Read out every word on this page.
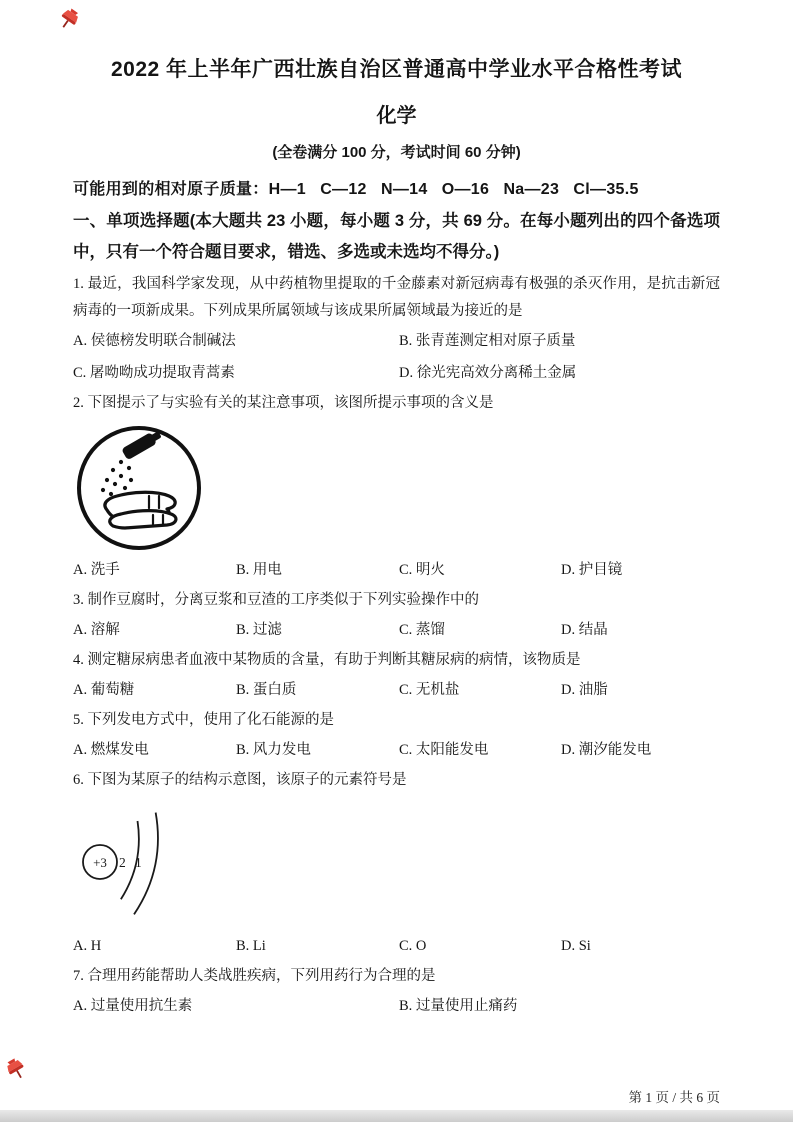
2022 年上半年广西壮族自治区普通高中学业水平合格性考试
化学
(全卷满分 100 分，考试时间 60 分钟)
可能用到的相对原子质量：H—1   C—12   N—14   O—16   Na—23   Cl—35.5
一、单项选择题(本大题共 23 小题，每小题 3 分，共 69 分。在每小题列出的四个备选项中，只有一个符合题目要求，错选、多选或未选均不得分。)

1. 最近，我国科学家发现，从中药植物里提取的千金藤素对新冠病毒有极强的杀灭作用，是抗击新冠病毒的一项新成果。下列成果所属领域与该成果所属领域最为接近的是

A. 侯德榜发明联合制碱法	B. 张青莲测定相对原子质量
C. 屠呦呦成功提取青蒿素	D. 徐光宪高效分离稀土金属

2. 下图提示了与实验有关的某注意事项，该图所提示事项的含义是

A. 洗手	B. 用电	C. 明火	D. 护目镜

3. 制作豆腐时，分离豆浆和豆渣的工序类似于下列实验操作中的

A. 溶解	B. 过滤	C. 蒸馏	D. 结晶

4. 测定糖尿病患者血液中某物质的含量，有助于判断其糖尿病的病情，该物质是

A. 葡萄糖	B. 蛋白质	C. 无机盐	D. 油脂

5. 下列发电方式中，使用了化石能源的是

A. 燃煤发电	B. 风力发电	C. 太阳能发电	D. 潮汐能发电

6. 下图为某原子的结构示意图，该原子的元素符号是

+3 2 1
A. H	B. Li	C. O	D. Si

7. 合理用药能帮助人类战胜疾病，下列用药行为合理的是

A. 过量使用抗生素	B. 过量使用止痛药
第 1 页 / 共 6 页
